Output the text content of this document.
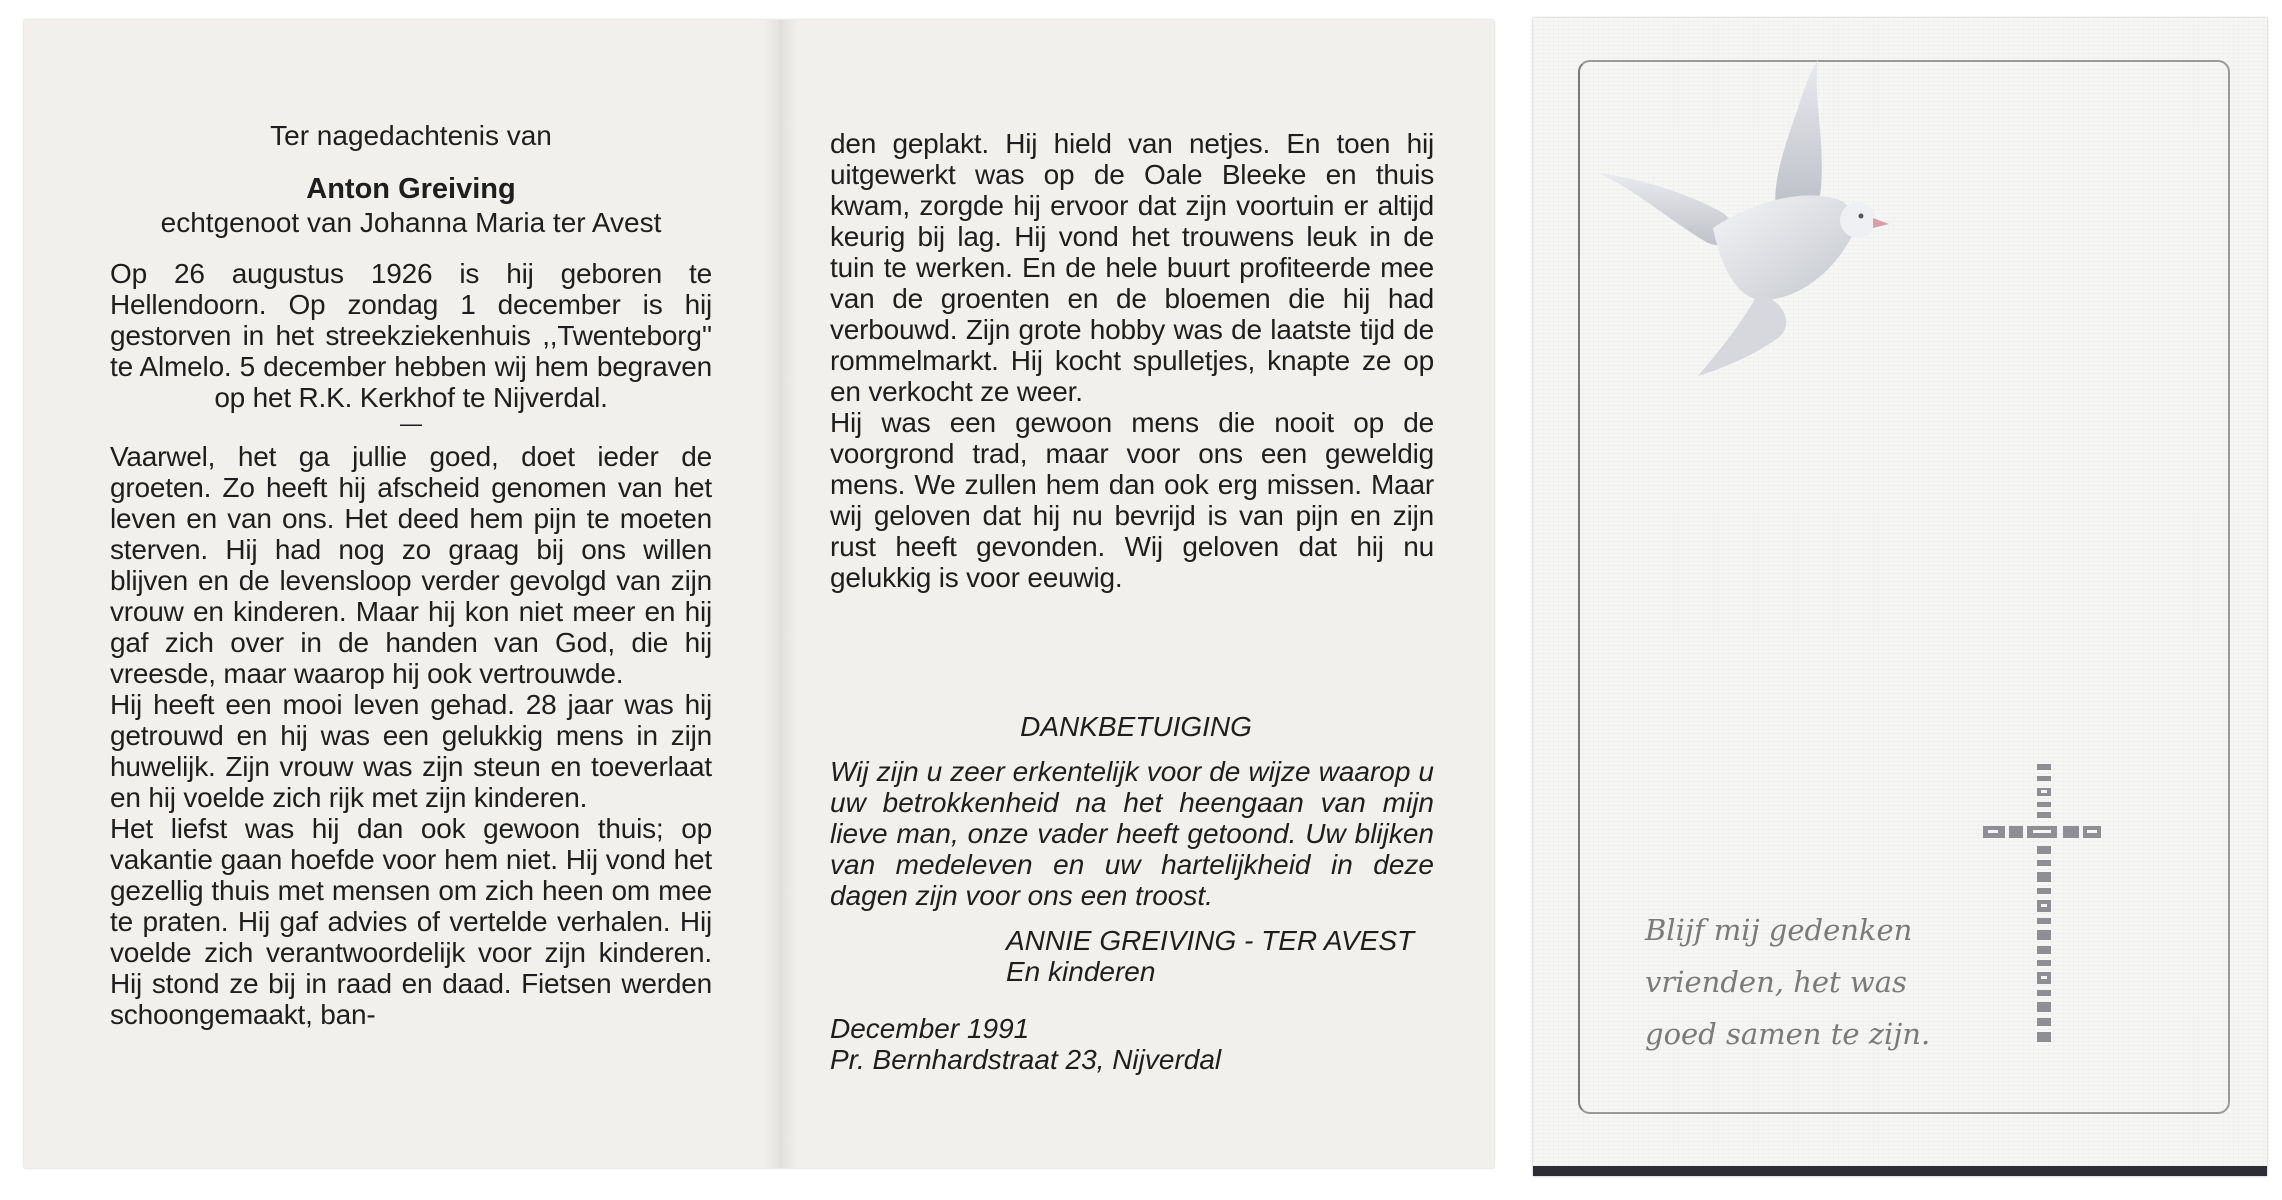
Ter nagedachtenis van

Anton Greiving

echtgenoot van Johanna Maria ter Avest

Op 26 augustus 1926 is hij geboren te Hellendoorn. Op zondag 1 december is hij gestorven in het streekziekenhuis ,,Twenteborg'' te Almelo. 5 december hebben wij hem begraven op het R.K. Kerkhof te Nijverdal.

—

Vaarwel, het ga jullie goed, doet ieder de groeten. Zo heeft hij afscheid genomen van het leven en van ons. Het deed hem pijn te moeten sterven. Hij had nog zo graag bij ons willen blijven en de levensloop verder gevolgd van zijn vrouw en kinderen. Maar hij kon niet meer en hij gaf zich over in de handen van God, die hij vreesde, maar waarop hij ook vertrouwde.

Hij heeft een mooi leven gehad. 28 jaar was hij getrouwd en hij was een gelukkig mens in zijn huwelijk. Zijn vrouw was zijn steun en toeverlaat en hij voelde zich rijk met zijn kinderen.

Het liefst was hij dan ook gewoon thuis; op vakantie gaan hoefde voor hem niet. Hij vond het gezellig thuis met mensen om zich heen om mee te praten. Hij gaf advies of vertelde verhalen. Hij voelde zich verantwoordelijk voor zijn kinderen. Hij stond ze bij in raad en daad. Fietsen werden schoongemaakt, ban-

den geplakt. Hij hield van netjes. En toen hij uitgewerkt was op de Oale Bleeke en thuis kwam, zorgde hij ervoor dat zijn voortuin er altijd keurig bij lag. Hij vond het trouwens leuk in de tuin te werken. En de hele buurt profiteerde mee van de groenten en de bloemen die hij had verbouwd. Zijn grote hobby was de laatste tijd de rommelmarkt. Hij kocht spulletjes, knapte ze op en verkocht ze weer.

Hij was een gewoon mens die nooit op de voorgrond trad, maar voor ons een geweldig mens. We zullen hem dan ook erg missen. Maar wij geloven dat hij nu bevrijd is van pijn en zijn rust heeft gevonden. Wij geloven dat hij nu gelukkig is voor eeuwig.

DANKBETUIGING

Wij zijn u zeer erkentelijk voor de wijze waarop u uw betrokkenheid na het heengaan van mijn lieve man, onze vader heeft getoond. Uw blijken van medeleven en uw hartelijkheid in deze dagen zijn voor ons een troost.

ANNIE GREIVING - TER AVEST
En kinderen
December 1991
Pr. Bernhardstraat 23, Nijverdal
Blijf mij gedenken
vrienden, het was
goed samen te zijn.
